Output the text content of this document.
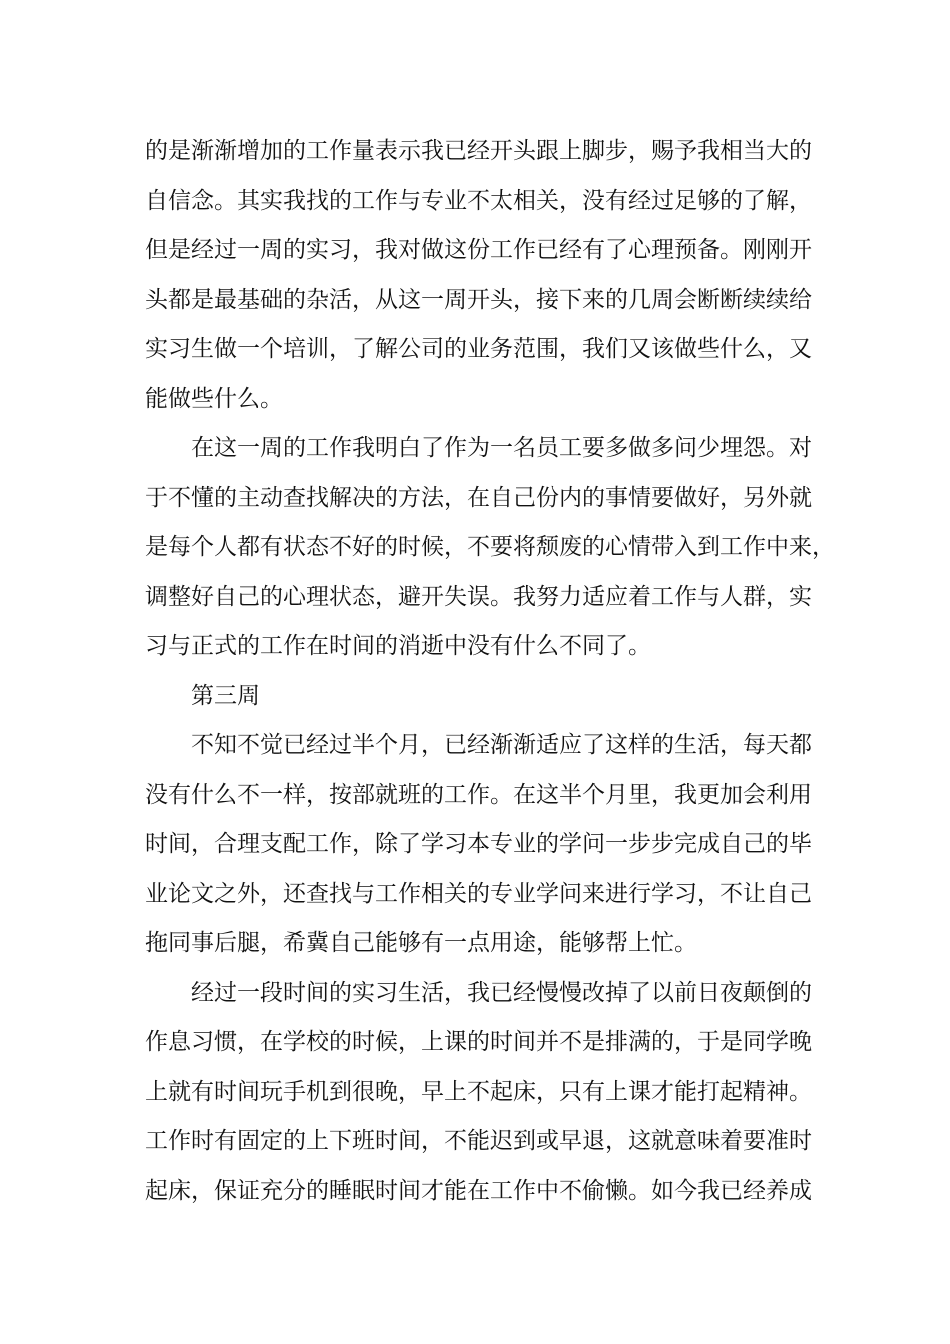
的是渐渐增加的工作量表示我已经开头跟上脚步，赐予我相当大的
自信念。其实我找的工作与专业不太相关，没有经过足够的了解，
但是经过一周的实习，我对做这份工作已经有了心理预备。刚刚开
头都是最基础的杂活，从这一周开头，接下来的几周会断断续续给
实习生做一个培训，了解公司的业务范围，我们又该做些什么，又
能做些什么。
在这一周的工作我明白了作为一名员工要多做多问少埋怨。对
于不懂的主动查找解决的方法，在自己份内的事情要做好，另外就
是每个人都有状态不好的时候，不要将颓废的心情带入到工作中来，
调整好自己的心理状态，避开失误。我努力适应着工作与人群，实
习与正式的工作在时间的消逝中没有什么不同了。
第三周
不知不觉已经过半个月，已经渐渐适应了这样的生活，每天都
没有什么不一样，按部就班的工作。在这半个月里，我更加会利用
时间，合理支配工作，除了学习本专业的学问一步步完成自己的毕
业论文之外，还查找与工作相关的专业学问来进行学习，不让自己
拖同事后腿，希冀自己能够有一点用途，能够帮上忙。
经过一段时间的实习生活，我已经慢慢改掉了以前日夜颠倒的
作息习惯，在学校的时候，上课的时间并不是排满的，于是同学晚
上就有时间玩手机到很晚，早上不起床，只有上课才能打起精神。
工作时有固定的上下班时间，不能迟到或早退，这就意味着要准时
起床，保证充分的睡眠时间才能在工作中不偷懒。如今我已经养成
